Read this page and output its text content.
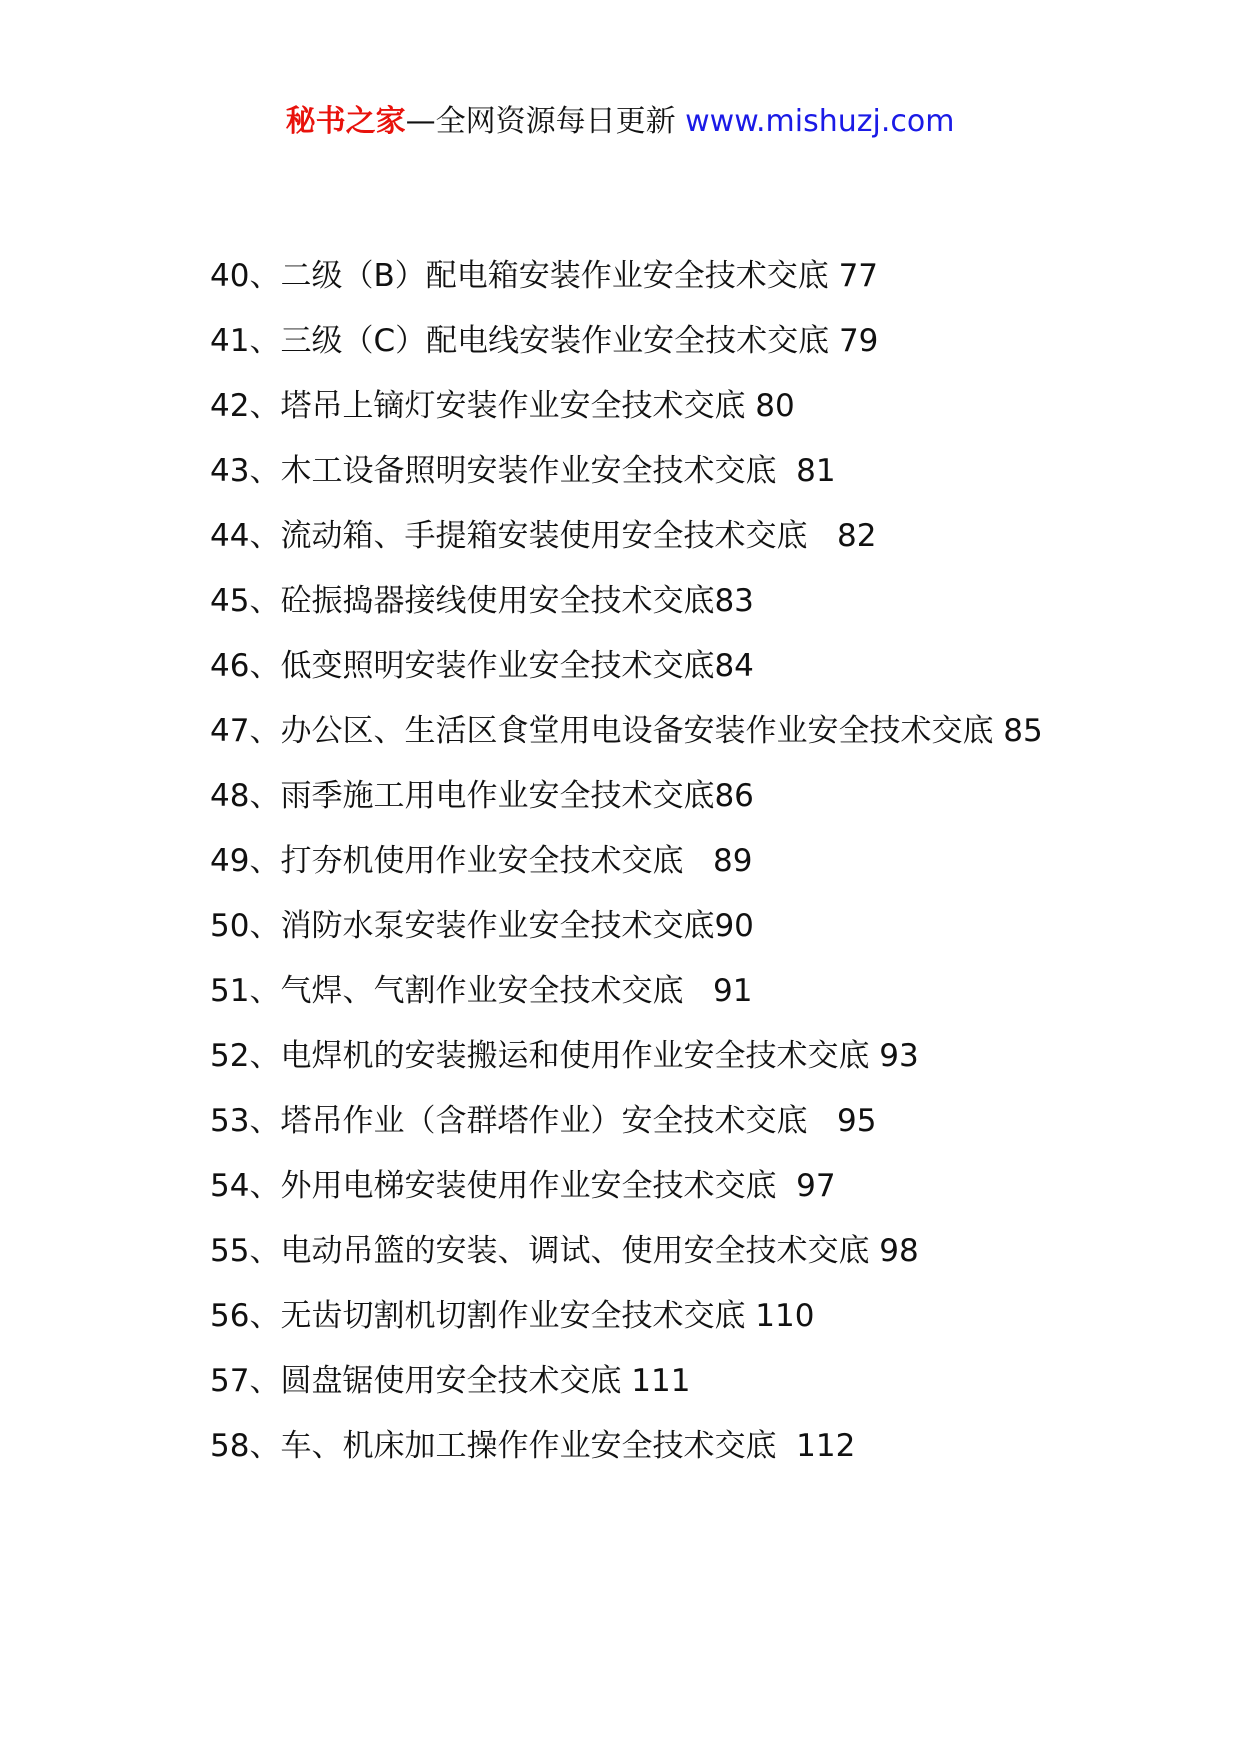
秘书之家—全网资源每日更新 www.mishuzj.com

40、二级（B）配电箱安装作业安全技术交底 77

41、三级（C）配电线安装作业安全技术交底 79

42、塔吊上镝灯安装作业安全技术交底 80

43、木工设备照明安装作业安全技术交底  81

44、流动箱、手提箱安装使用安全技术交底   82

45、砼振捣器接线使用安全技术交底83

46、低变照明安装作业安全技术交底84

47、办公区、生活区食堂用电设备安装作业安全技术交底 85

48、雨季施工用电作业安全技术交底86

49、打夯机使用作业安全技术交底   89

50、消防水泵安装作业安全技术交底90

51、气焊、气割作业安全技术交底   91

52、电焊机的安装搬运和使用作业安全技术交底 93

53、塔吊作业（含群塔作业）安全技术交底   95

54、外用电梯安装使用作业安全技术交底  97

55、电动吊篮的安装、调试、使用安全技术交底 98

56、无齿切割机切割作业安全技术交底 110

57、圆盘锯使用安全技术交底 111

58、车、机床加工操作作业安全技术交底  112
